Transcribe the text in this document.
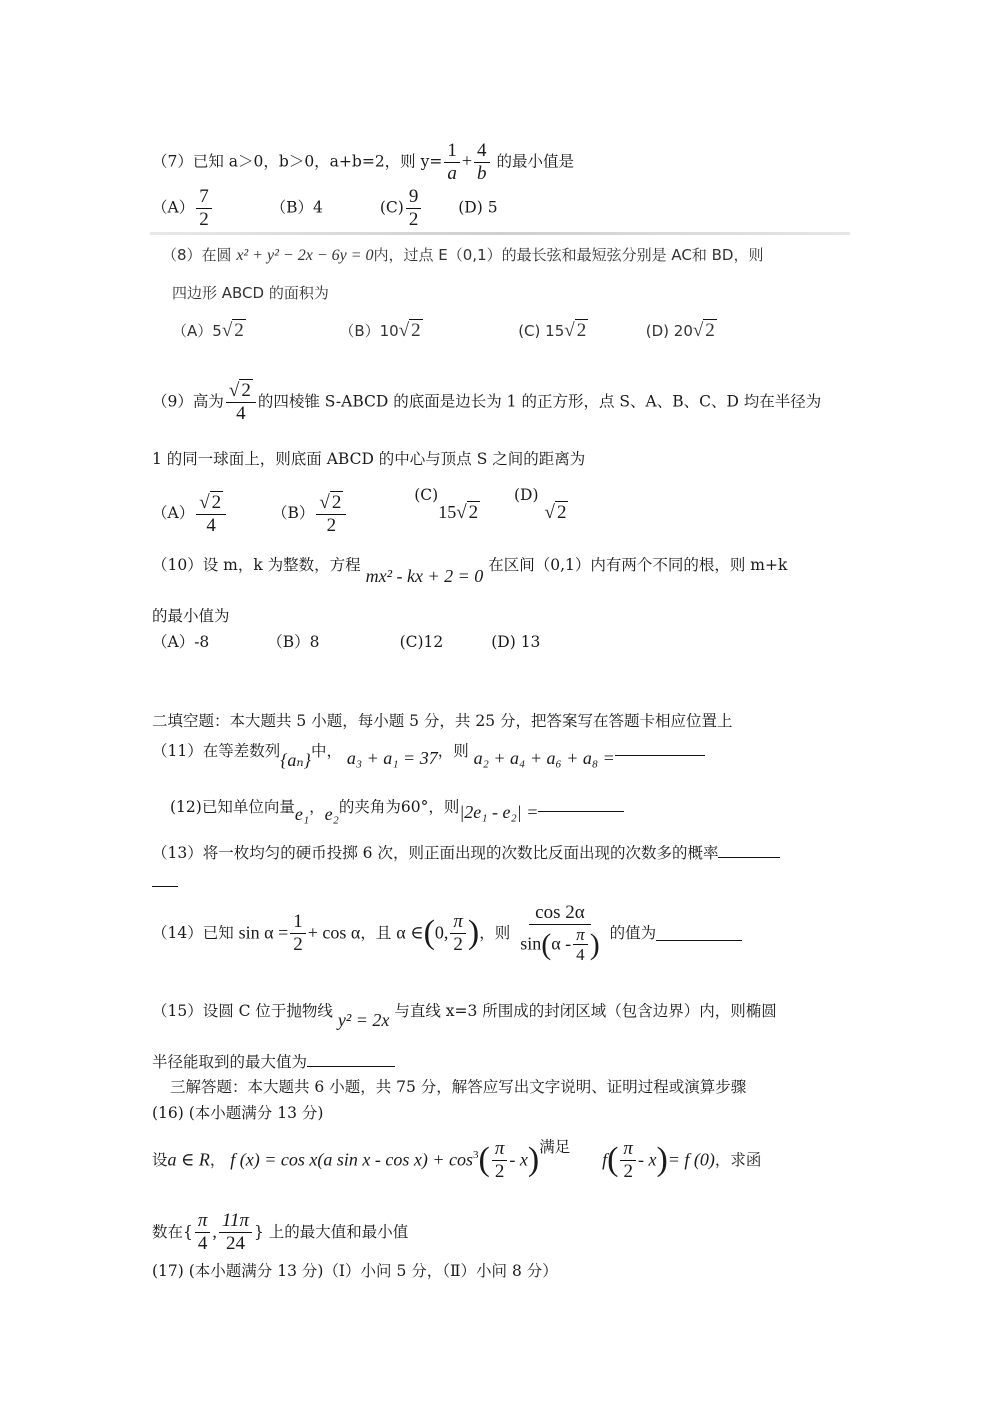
（7）已知 a＞0，b＞0，a+b=2，则 $y= \frac{1}{a} + \frac{4}{b}$ 的最小值是
$(A) \frac{7}{2}$	（B）4	$(C) \frac{9}{2} (D)$ 5
（8）在圆 x² + y² − 2x − 6y = 0内，过点 E（0,1）的最长弦和最短弦分别是 AC和 BD，则
四边形 ABCD 的面积为
（A）5√ 2	（B）10√ 2	(C) 15√ 2	(D) 20√ 2
（9）高为 $\frac{√ 2}{4}$ 的四棱锥 S-ABCD 的底面是边长为 1 的正方形，点 S、A、B、C、D 均在半径为
1 的同一球面上，则底面 ABCD 的中心与顶点 S 之间的距离为
$(A) \frac{√ 2}{4}$	$(B) \frac{√ 2}{2}$	(C)15√ 2  (D)√ 2
（10）设 m，k 为整数，方程 mx² - kx + 2 = 0 在区间（0,1）内有两个不同的根，则 m+k
的最小值为
（A）-8	（B）8	(C)12	(D) 13
二填空题：本大题共 5 小题，每小题 5 分，共 25 分，把答案写在答题卡相应位置上
（11）在等差数列{aₙ}中， a₃ + a₁ = 37，则 a₂ + a₄ + a₆ + a₈ =
(12)已知单位向量e₁，e₂的夹角为60°，则|2e₁ - e₂| =
（13）将一枚均匀的硬币投掷 6 次，则正面出现的次数比反面出现的次数多的概率
（14）已知 $\sin \alpha = \frac{1}{2} + \cos \alpha$，且 α ∈(0, $\frac{\pi}{2}$ )，则 $\frac{\cos 2\alpha}{\sin(\alpha - \frac{\pi}{4} )}$ 的值为
（15）设圆 C 位于抛物线 y² = 2x 与直线 x=3 所围成的封闭区域（包含边界）内，则椭圆
半径能取到的最大值为
三解答题：本大题共 6 小题，共 75 分，解答应写出文字说明、证明过程或演算步骤
(16) (本小题满分 13 分)
设a ∈ R， f (x) = cos x(a $\sin x - \cos x) + \cos^3( \frac{\pi}{2} - x)$满足  $f( \frac{\pi}{2} - x)= f$ (0)，求函
数在{ $\frac{\pi}{4}$ , $\frac{11\pi}{24}$ } 上的最大值和最小值
(17) (本小题满分 13 分)（Ⅰ）小问 5 分，（Ⅱ）小问 8 分）
